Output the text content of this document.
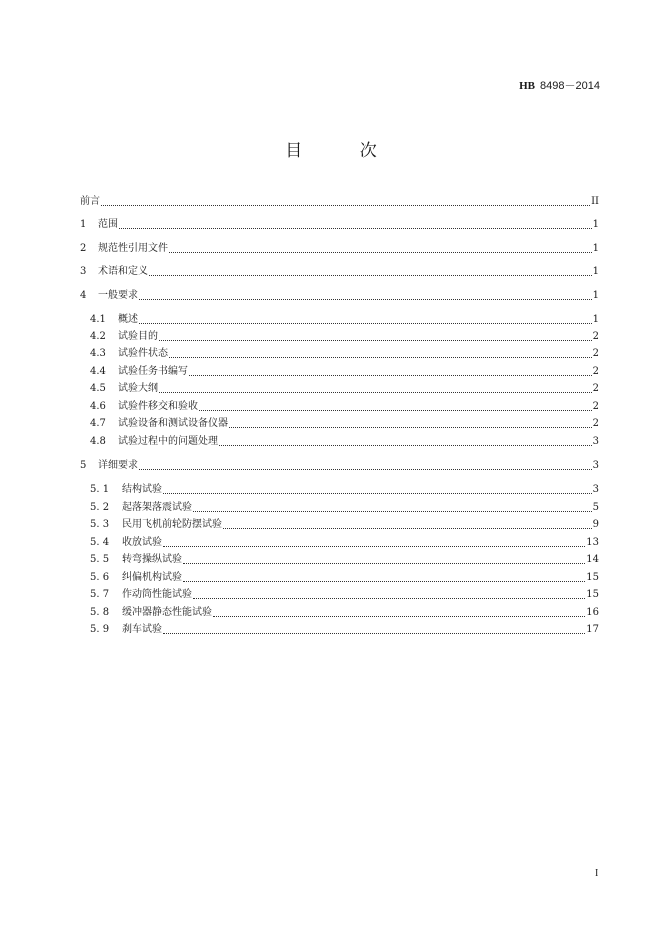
HB 8498－2014
目 次
前言	II
1	范围	1
2	规范性引用文件	1
3	术语和定义	1
4	一般要求	1
4.1	概述	1
4.2	试验目的	2
4.3	试验件状态	2
4.4	试验任务书编写	2
4.5	试验大纲	2
4.6	试验件移交和验收	2
4.7	试验设备和测试设备仪器	2
4.8	试验过程中的问题处理	3
5	详细要求	3
5. 1	结构试验	3
5. 2	起落架落震试验	5
5. 3	民用飞机前轮防摆试验	9
5. 4	收放试验	13
5. 5	转弯操纵试验	14
5. 6	纠偏机构试验	15
5. 7	作动筒性能试验	15
5. 8	缓冲器静态性能试验	16
5. 9	刹车试验	17
I
